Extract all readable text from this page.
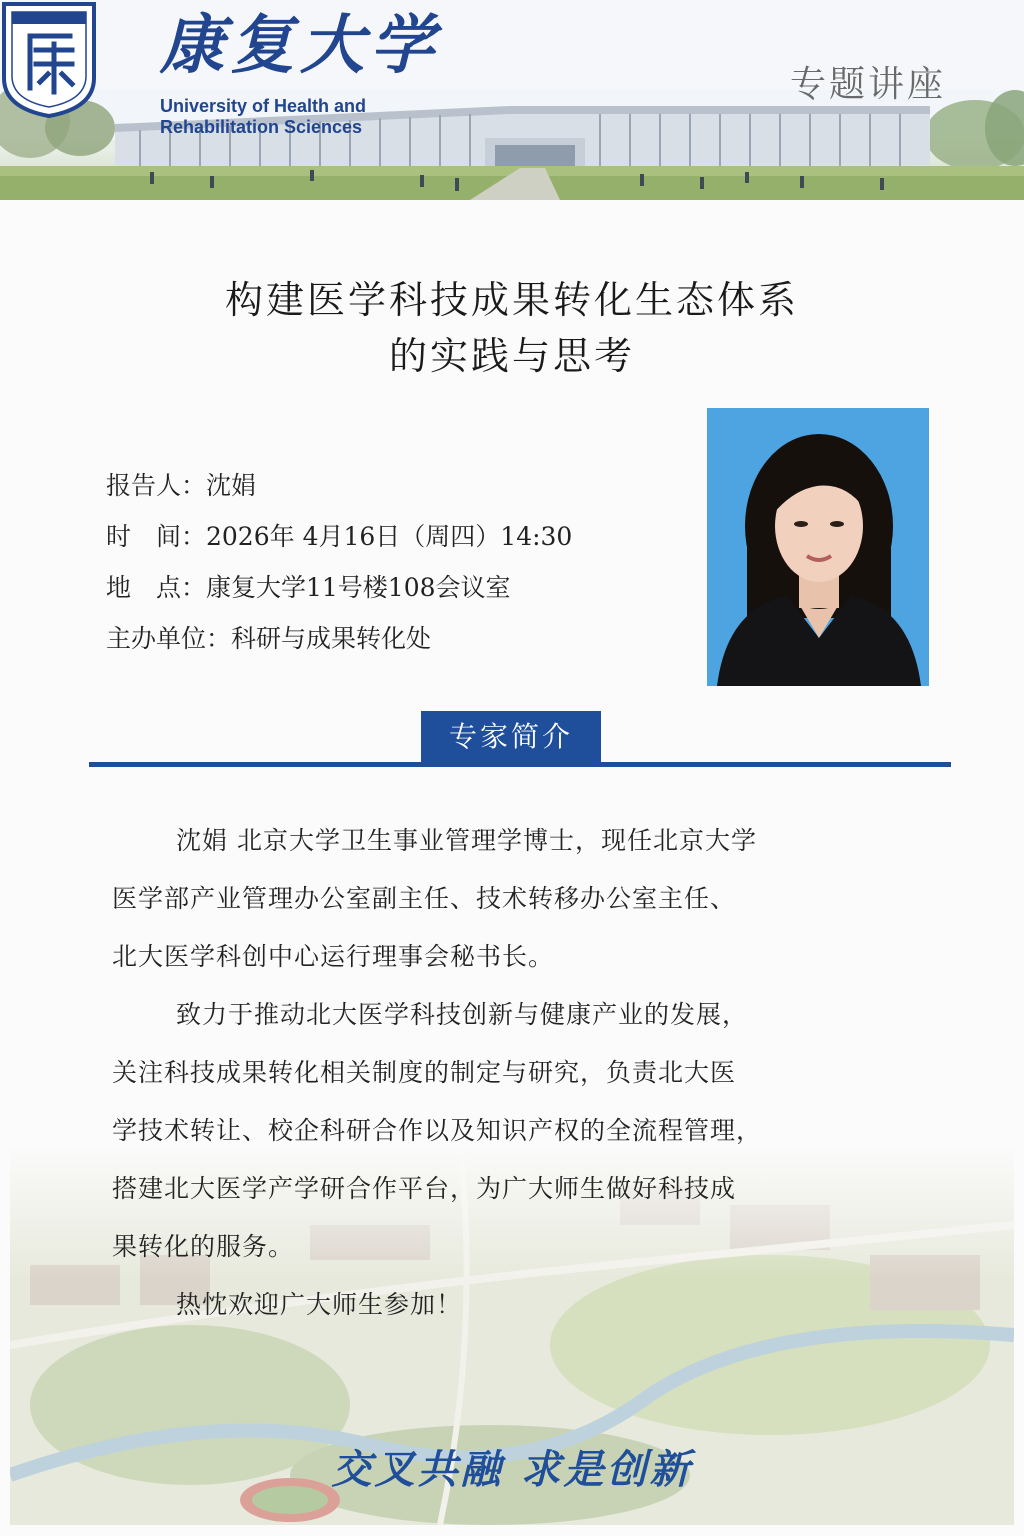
康复大学
University of Health and
Rehabilitation Sciences
专题讲座
构建医学科技成果转化生态体系
的实践与思考
报告人：沈娟
时　间：2026年 4月16日（周四）14:30
地　点：康复大学11号楼108会议室
主办单位：科研与成果转化处
专家简介

沈娟 北京大学卫生事业管理学博士，现任北京大学

医学部产业管理办公室副主任、技术转移办公室主任、

北大医学科创中心运行理事会秘书长。

致力于推动北大医学科技创新与健康产业的发展，

关注科技成果转化相关制度的制定与研究，负责北大医

学技术转让、校企科研合作以及知识产权的全流程管理，

搭建北大医学产学研合作平台，为广大师生做好科技成

果转化的服务。

热忱欢迎广大师生参加！

交叉共融 求是创新
